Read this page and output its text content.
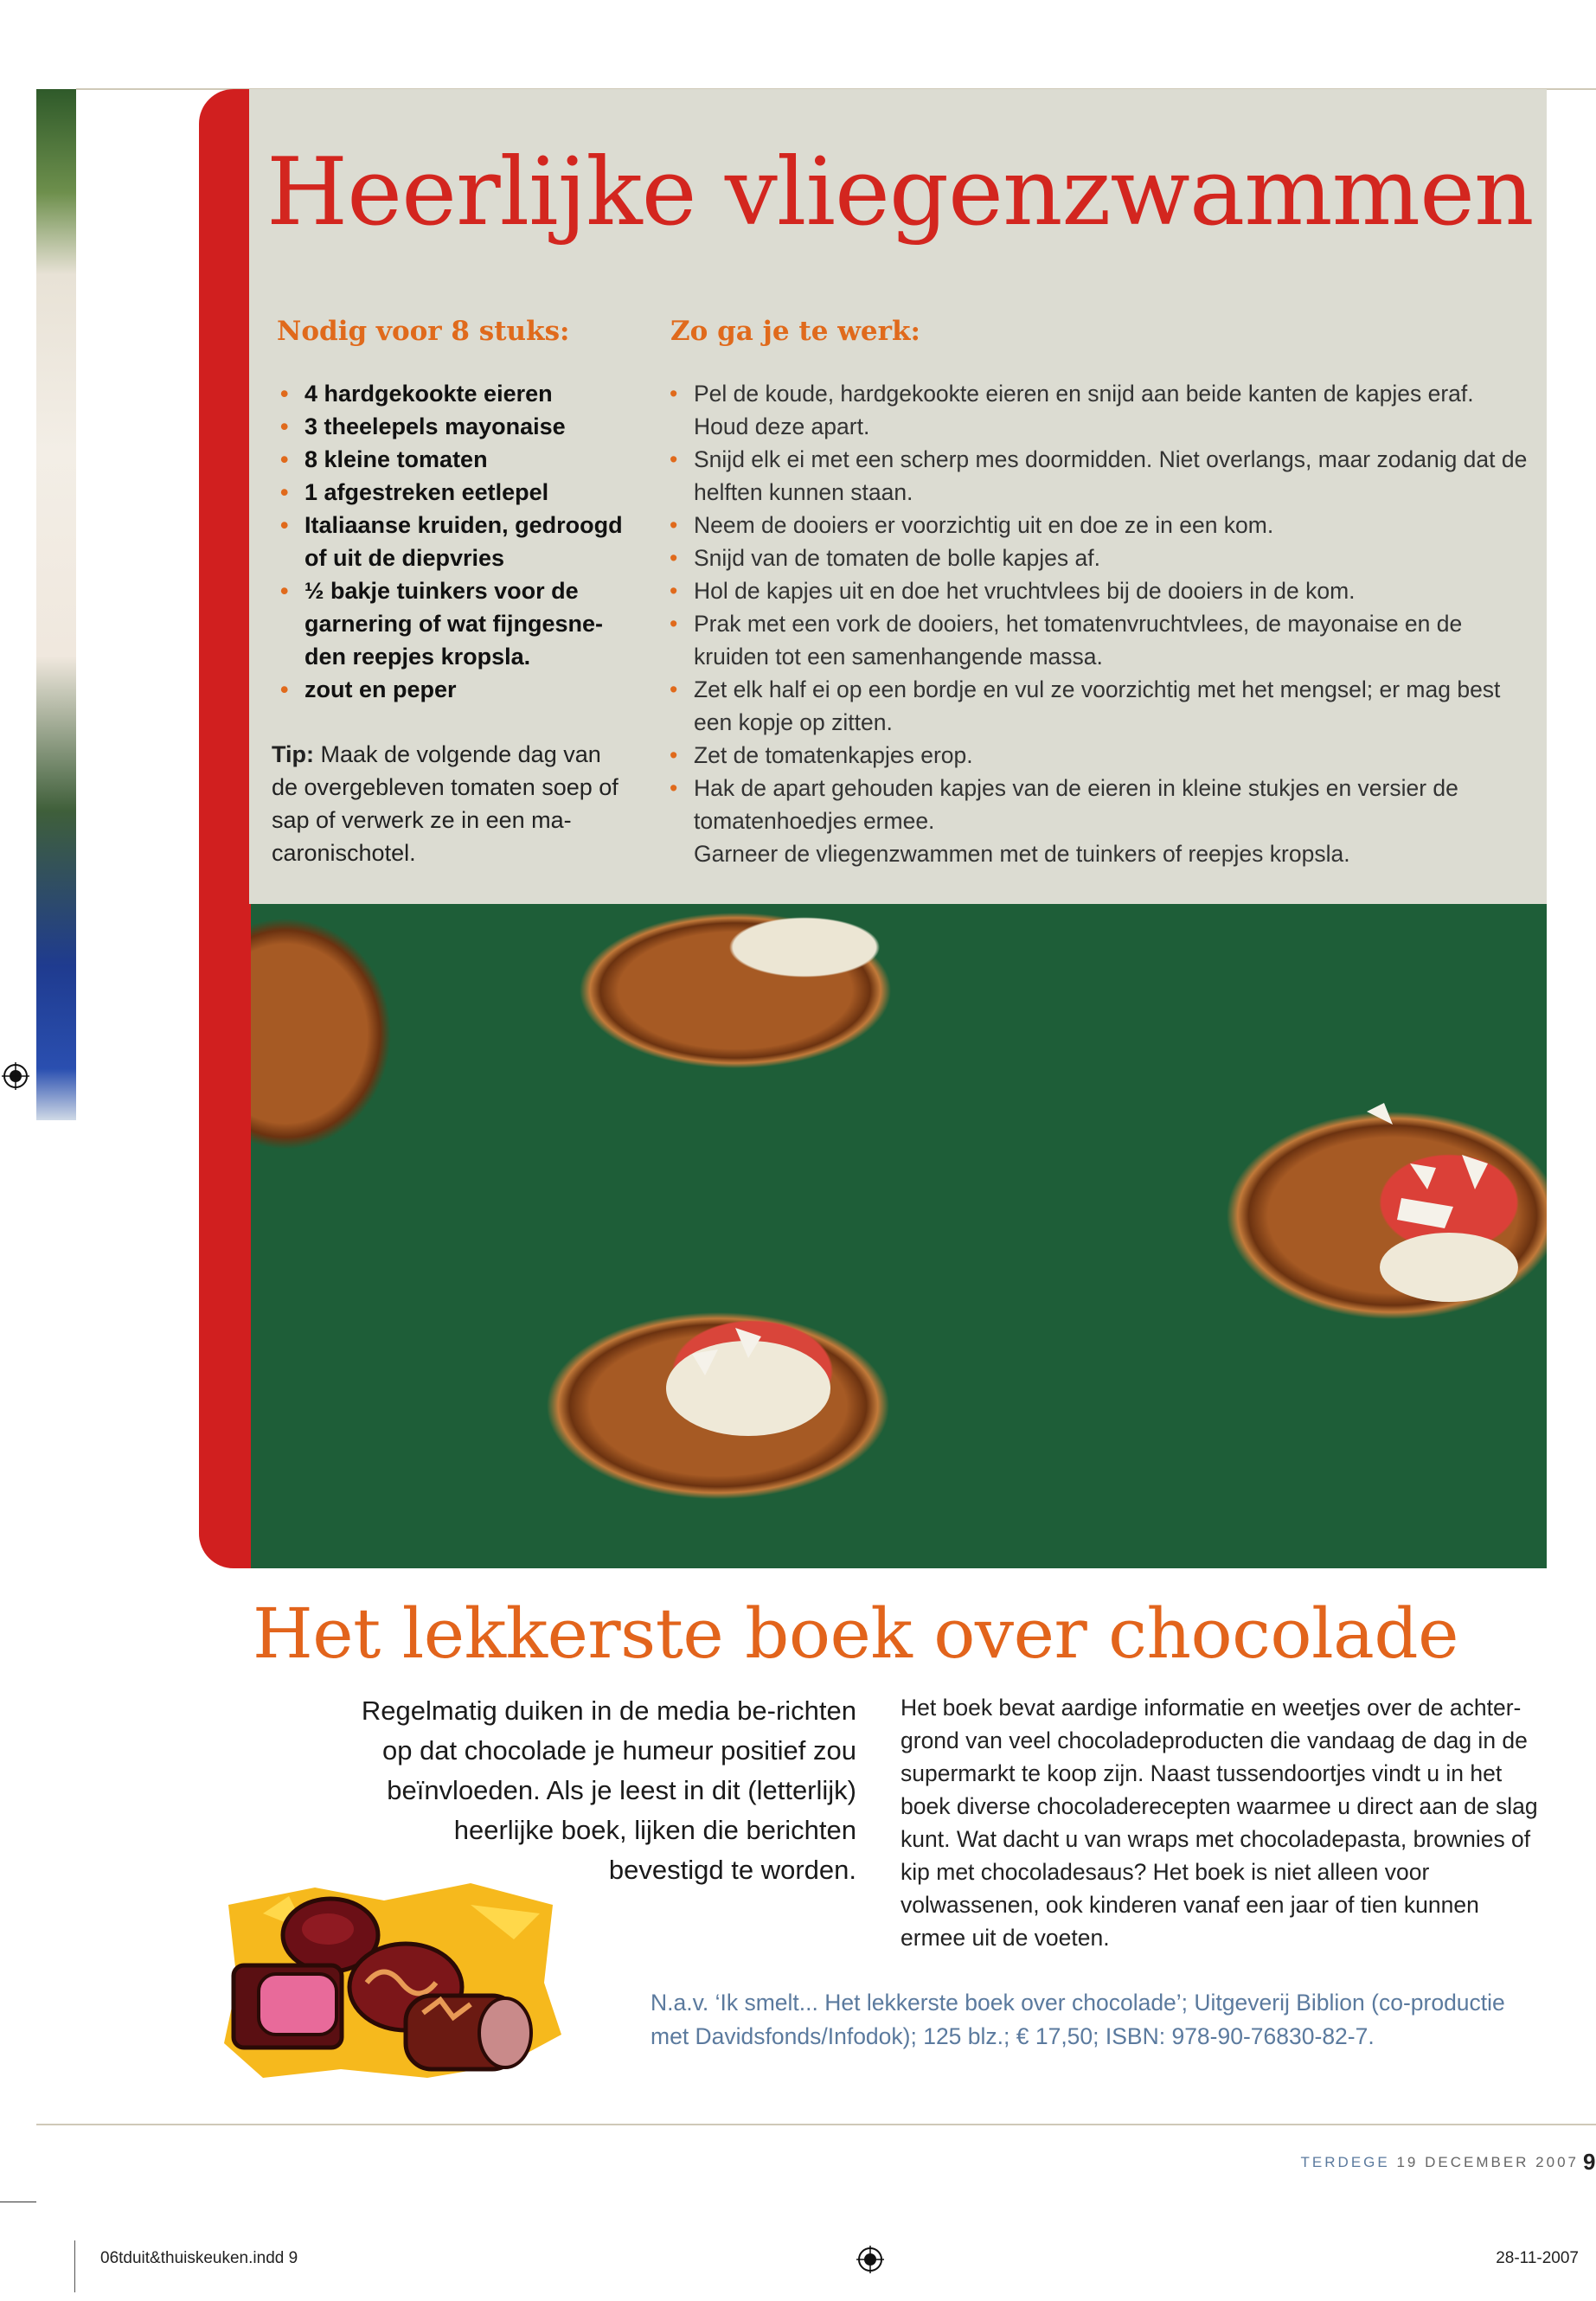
Heerlijke vliegenzwammen
Nodig voor 8 stuks:	Zo ga je te werk:
• 4 hardgekookte eieren
• 3 theelepels mayonaise
• 8 kleine tomaten
• 1 afgestreken eetlepel
• Italiaanse kruiden, gedroogd of uit de diepvries
• ½ bakje tuinkers voor de garnering of wat fijngesne-den reepjes kropsla.
• zout en peper
Tip: Maak de volgende dag van de overgebleven tomaten soep of sap of verwerk ze in een ma-caronischotel.
• Pel de koude, hardgekookte eieren en snijd aan beide kanten de kapjes eraf. Houd deze apart.
• Snijd elk ei met een scherp mes doormidden. Niet overlangs, maar zodanig dat de helften kunnen staan.
• Neem de dooiers er voorzichtig uit en doe ze in een kom.
• Snijd van de tomaten de bolle kapjes af.
• Hol de kapjes uit en doe het vruchtvlees bij de dooiers in de kom.
• Prak met een vork de dooiers, het tomatenvruchtvlees, de mayonaise en de kruiden tot een samenhangende massa.
• Zet elk half ei op een bordje en vul ze voorzichtig met het mengsel; er mag best een kopje op zitten.
• Zet de tomatenkapjes erop.
• Hak de apart gehouden kapjes van de eieren in kleine stukjes en versier de tomatenhoedjes ermee.
Garneer de vliegenzwammen met de tuinkers of reepjes kropsla.
Het lekkerste boek over chocolade
Regelmatig duiken in de media be-richten op dat chocolade je humeur positief zou beïnvloeden. Als je leest in dit (letterlijk) heerlijke boek, lijken die berichten bevestigd te worden.
Het boek bevat aardige informatie en weetjes over de achter-grond van veel chocoladeproducten die vandaag de dag in de supermarkt te koop zijn. Naast tussendoortjes vindt u in het boek diverse chocoladerecepten waarmee u direct aan de slag kunt. Wat dacht u van wraps met chocoladepasta, brownies of kip met chocoladesaus? Het boek is niet alleen voor volwassenen, ook kinderen vanaf een jaar of tien kunnen ermee uit de voeten.
N.a.v. ‘Ik smelt... Het lekkerste boek over chocolade’; Uitgeverij Biblion (co-productie met Davidsfonds/Infodok); 125 blz.; € 17,50; ISBN: 978-90-76830-82-7.
TERDEGE 19 DECEMBER 2007 9
06tduit&thuiskeuken.indd 9	28-11-2007
